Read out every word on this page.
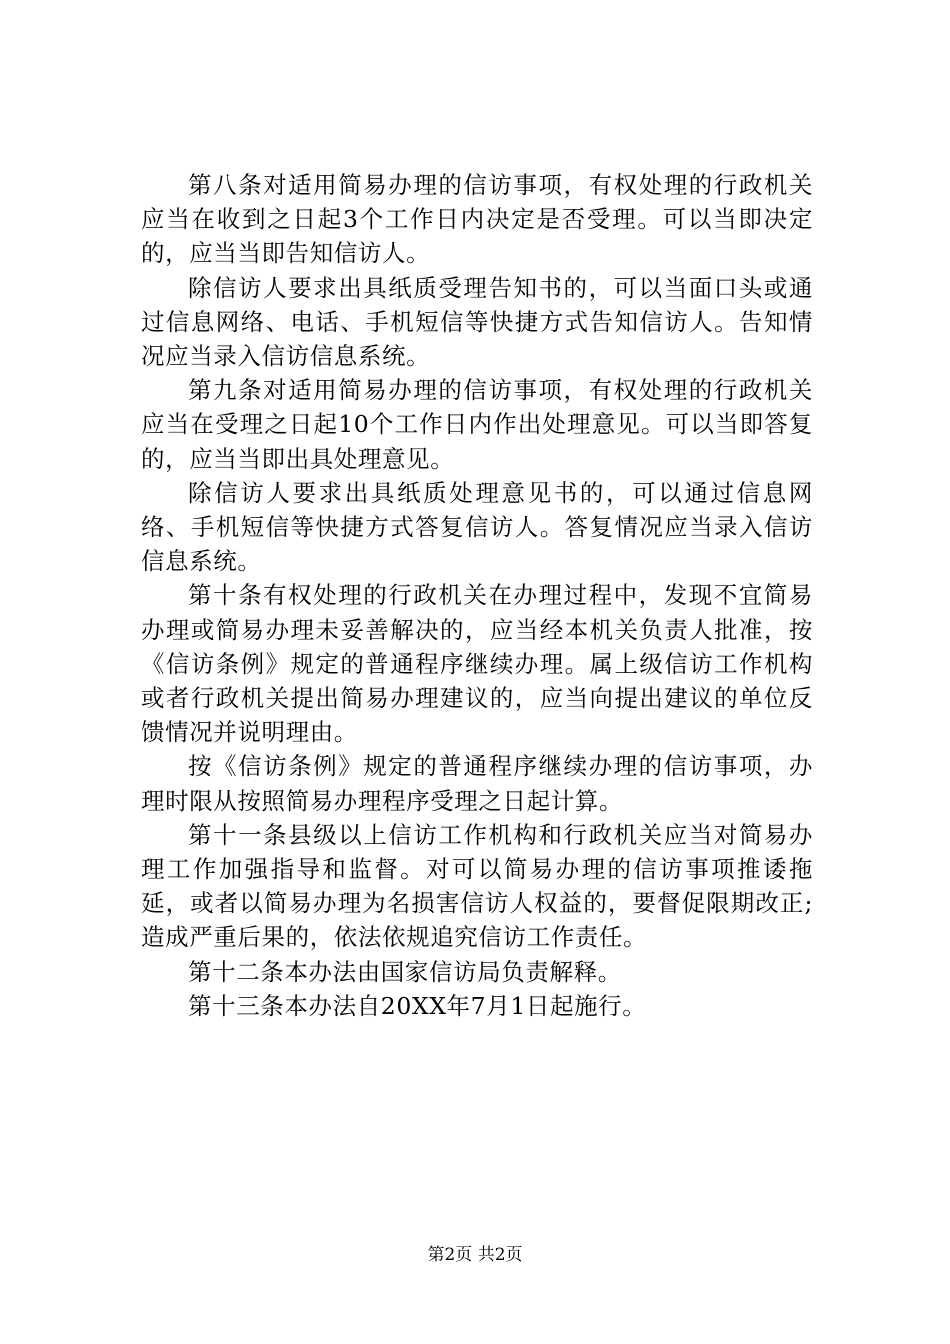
第八条对适用简易办理的信访事项，有权处理的行政机关应当在收到之日起3个工作日内决定是否受理。可以当即决定的，应当当即告知信访人。

除信访人要求出具纸质受理告知书的，可以当面口头或通过信息网络、电话、手机短信等快捷方式告知信访人。告知情况应当录入信访信息系统。

第九条对适用简易办理的信访事项，有权处理的行政机关应当在受理之日起10个工作日内作出处理意见。可以当即答复的，应当当即出具处理意见。

除信访人要求出具纸质处理意见书的，可以通过信息网络、手机短信等快捷方式答复信访人。答复情况应当录入信访信息系统。

第十条有权处理的行政机关在办理过程中，发现不宜简易办理或简易办理未妥善解决的，应当经本机关负责人批准，按《信访条例》规定的普通程序继续办理。属上级信访工作机构或者行政机关提出简易办理建议的，应当向提出建议的单位反馈情况并说明理由。

按《信访条例》规定的普通程序继续办理的信访事项，办理时限从按照简易办理程序受理之日起计算。

第十一条县级以上信访工作机构和行政机关应当对简易办理工作加强指导和监督。对可以简易办理的信访事项推诿拖延，或者以简易办理为名损害信访人权益的，要督促限期改正;造成严重后果的，依法依规追究信访工作责任。

第十二条本办法由国家信访局负责解释。

第十三条本办法自20XX年7月1日起施行。

第2页 共2页
